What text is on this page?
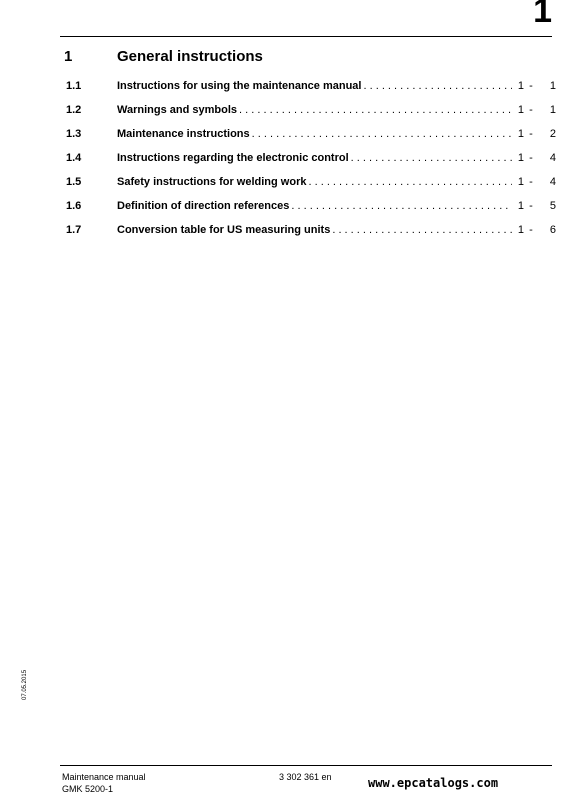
1
1	General instructions
1.1	Instructions for using the maintenance manual . . .	1 -	1
1.2	Warnings and symbols . . .	1 -	1
1.3	Maintenance instructions . . .	1 -	2
1.4	Instructions regarding the electronic control . . .	1 -	4
1.5	Safety instructions for welding work . . .	1 -	4
1.6	Definition of direction references . . .	1 -	5
1.7	Conversion table for US measuring units . . .	1 -	6
07.05.2015
Maintenance manual
GMK 5200-1
3 302 361 en	www.epcatalogs.com
